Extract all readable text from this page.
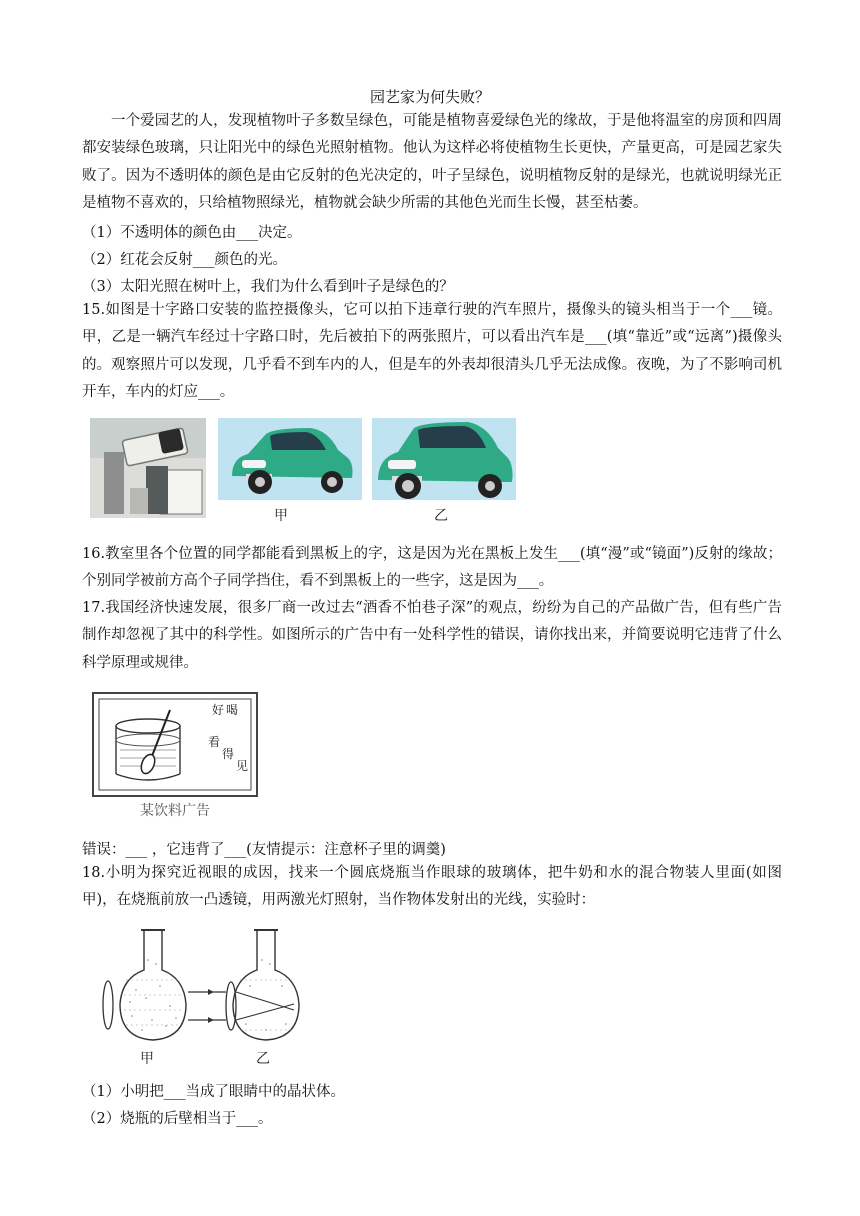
园艺家为何失败？
一个爱园艺的人，发现植物叶子多数呈绿色，可能是植物喜爱绿色光的缘故，于是他将温室的房顶和四周都安装绿色玻璃，只让阳光中的绿色光照射植物。他认为这样必将使植物生长更快，产量更高，可是园艺家失败了。因为不透明体的颜色是由它反射的色光决定的，叶子呈绿色，说明植物反射的是绿光，也就说明绿光正是植物不喜欢的，只给植物照绿光，植物就会缺少所需的其他色光而生长慢，甚至枯萎。
（1）不透明体的颜色由___决定。
（2）红花会反射___颜色的光。
（3）太阳光照在树叶上，我们为什么看到叶子是绿色的？
15.如图是十字路口安装的监控摄像头，它可以拍下违章行驶的汽车照片，摄像头的镜头相当于一个___镜。甲，乙是一辆汽车经过十字路口时，先后被拍下的两张照片，可以看出汽车是___(填“靠近”或“远离”)摄像头的。观察照片可以发现，几乎看不到车内的人，但是车的外表却很清头几乎无法成像。夜晚，为了不影响司机开车，车内的灯应___。
甲	乙
16.教室里各个位置的同学都能看到黑板上的字，这是因为光在黑板上发生___(填“漫”或“镜面”)反射的缘故；个别同学被前方高个子同学挡住，看不到黑板上的一些字，这是因为___。
17.我国经济快速发展，很多厂商一改过去“酒香不怕巷子深”的观点，纷纷为自己的产品做广告，但有些广告制作却忽视了其中的科学性。如图所示的广告中有一处科学性的错误，请你找出来，并简要说明它违背了什么科学原理或规律。
好 喝
看
得
见
某饮料广告
错误：___ ，它违背了___(友情提示：注意杯子里的调羹)
18.小明为探究近视眼的成因，找来一个圆底烧瓶当作眼球的玻璃体，把牛奶和水的混合物装人里面(如图甲)，在烧瓶前放一凸透镜，用两激光灯照射，当作物体发射出的光线，实验时：
甲	乙
（1）小明把___当成了眼睛中的晶状体。
（2）烧瓶的后壁相当于___。
